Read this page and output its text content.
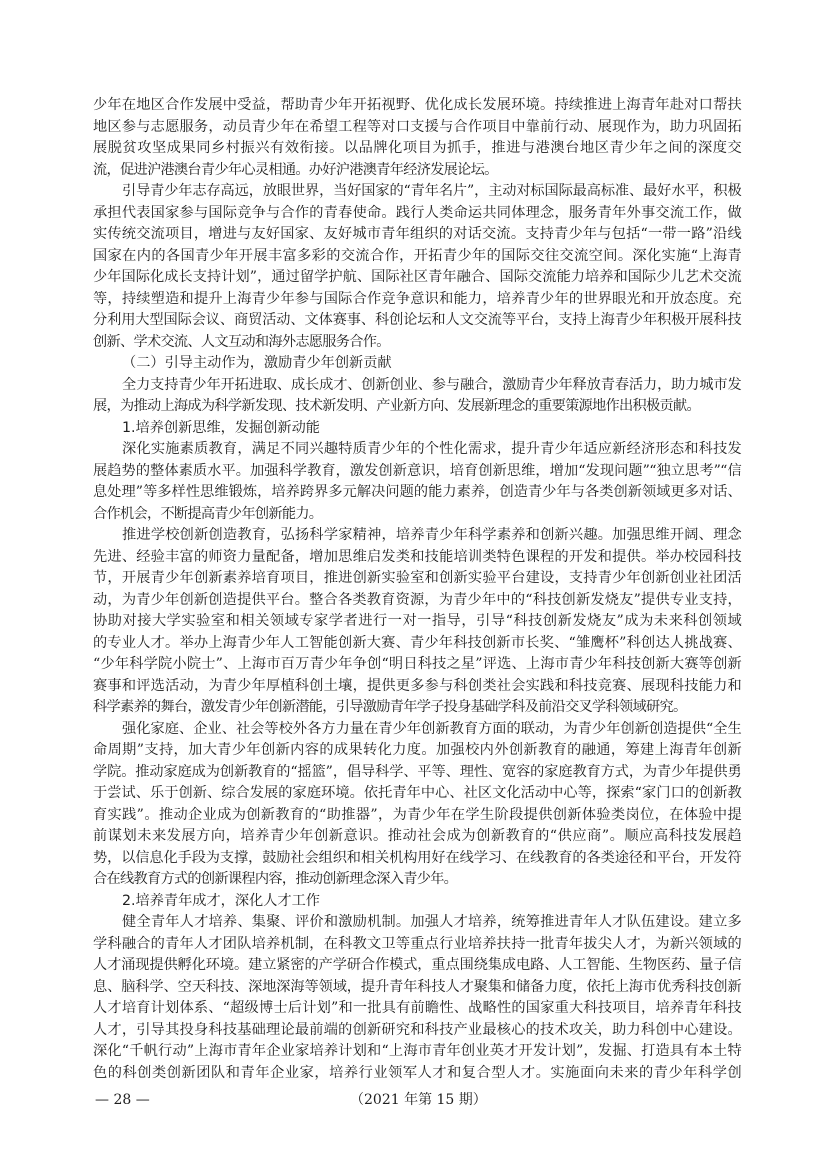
少年在地区合作发展中受益，帮助青少年开拓视野、优化成长发展环境。持续推进上海青年赴对口帮扶
地区参与志愿服务，动员青少年在希望工程等对口支援与合作项目中靠前行动、展现作为，助力巩固拓
展脱贫攻坚成果同乡村振兴有效衔接。以品牌化项目为抓手，推进与港澳台地区青少年之间的深度交
流，促进沪港澳台青少年心灵相通。办好沪港澳青年经济发展论坛。
引导青少年志存高远，放眼世界，当好国家的“青年名片”，主动对标国际最高标准、最好水平，积极
承担代表国家参与国际竞争与合作的青春使命。践行人类命运共同体理念，服务青年外事交流工作，做
实传统交流项目，增进与友好国家、友好城市青年组织的对话交流。支持青少年与包括“一带一路”沿线
国家在内的各国青少年开展丰富多彩的交流合作，开拓青少年的国际交往交流空间。深化实施“上海青
少年国际化成长支持计划”，通过留学护航、国际社区青年融合、国际交流能力培养和国际少儿艺术交流
等，持续塑造和提升上海青少年参与国际合作竞争意识和能力，培养青少年的世界眼光和开放态度。充
分利用大型国际会议、商贸活动、文体赛事、科创论坛和人文交流等平台，支持上海青少年积极开展科技
创新、学术交流、人文互动和海外志愿服务合作。
（二）引导主动作为，激励青少年创新贡献
全力支持青少年开拓进取、成长成才、创新创业、参与融合，激励青少年释放青春活力，助力城市发
展，为推动上海成为科学新发现、技术新发明、产业新方向、发展新理念的重要策源地作出积极贡献。
1.培养创新思维，发掘创新动能
深化实施素质教育，满足不同兴趣特质青少年的个性化需求，提升青少年适应新经济形态和科技发
展趋势的整体素质水平。加强科学教育，激发创新意识，培育创新思维，增加“发现问题”“独立思考”“信
息处理”等多样性思维锻炼，培养跨界多元解决问题的能力素养，创造青少年与各类创新领域更多对话、
合作机会，不断提高青少年创新能力。
推进学校创新创造教育，弘扬科学家精神，培养青少年科学素养和创新兴趣。加强思维开阔、理念
先进、经验丰富的师资力量配备，增加思维启发类和技能培训类特色课程的开发和提供。举办校园科技
节，开展青少年创新素养培育项目，推进创新实验室和创新实验平台建设，支持青少年创新创业社团活
动，为青少年创新创造提供平台。整合各类教育资源，为青少年中的“科技创新发烧友”提供专业支持，
协助对接大学实验室和相关领域专家学者进行一对一指导，引导“科技创新发烧友”成为未来科创领域
的专业人才。举办上海青少年人工智能创新大赛、青少年科技创新市长奖、“雏鹰杯”科创达人挑战赛、
“少年科学院小院士”、上海市百万青少年争创“明日科技之星”评选、上海市青少年科技创新大赛等创新
赛事和评选活动，为青少年厚植科创土壤，提供更多参与科创类社会实践和科技竞赛、展现科技能力和
科学素养的舞台，激发青少年创新潜能，引导激励青年学子投身基础学科及前沿交叉学科领域研究。
强化家庭、企业、社会等校外各方力量在青少年创新教育方面的联动，为青少年创新创造提供“全生
命周期”支持，加大青少年创新内容的成果转化力度。加强校内外创新教育的融通，筹建上海青年创新
学院。推动家庭成为创新教育的“摇篮”，倡导科学、平等、理性、宽容的家庭教育方式，为青少年提供勇
于尝试、乐于创新、综合发展的家庭环境。依托青年中心、社区文化活动中心等，探索“家门口的创新教
育实践”。推动企业成为创新教育的“助推器”，为青少年在学生阶段提供创新体验类岗位，在体验中提
前谋划未来发展方向，培养青少年创新意识。推动社会成为创新教育的“供应商”。顺应高科技发展趋
势，以信息化手段为支撑，鼓励社会组织和相关机构用好在线学习、在线教育的各类途径和平台，开发符
合在线教育方式的创新课程内容，推动创新理念深入青少年。
2.培养青年成才，深化人才工作
健全青年人才培养、集聚、评价和激励机制。加强人才培养，统筹推进青年人才队伍建设。建立多
学科融合的青年人才团队培养机制，在科教文卫等重点行业培养扶持一批青年拔尖人才，为新兴领域的
人才涌现提供孵化环境。建立紧密的产学研合作模式，重点围绕集成电路、人工智能、生物医药、量子信
息、脑科学、空天科技、深地深海等领域，提升青年科技人才聚集和储备力度，依托上海市优秀科技创新
人才培育计划体系、“超级博士后计划”和一批具有前瞻性、战略性的国家重大科技项目，培养青年科技
人才，引导其投身科技基础理论最前端的创新研究和科技产业最核心的技术攻关，助力科创中心建设。
深化“千帆行动”上海市青年企业家培养计划和“上海市青年创业英才开发计划”，发掘、打造具有本土特
色的科创类创新团队和青年企业家，培养行业领军人才和复合型人才。实施面向未来的青少年科学创
— 28 —	（2021 年第 15 期）
